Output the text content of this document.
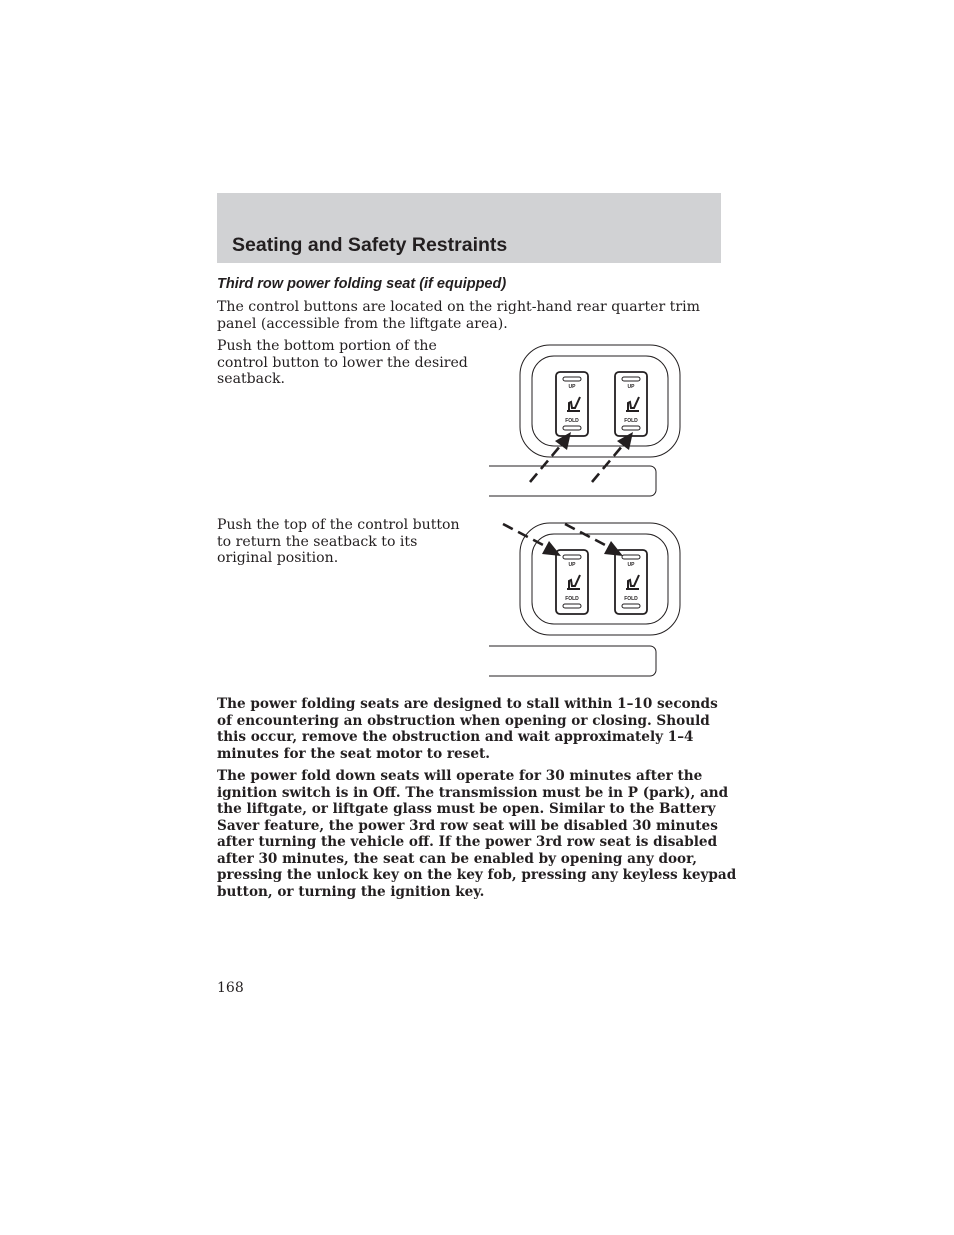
Seating and Safety Restraints
Third row power folding seat (if equipped)

The control buttons are located on the right-hand rear quarter trim panel (accessible from the liftgate area).

Push the bottom portion of the control button to lower the desired seatback.

Push the top of the control button to return the seatback to its original position.

UP
FOLD
UP
FOLD
UP
FOLD
UP
FOLD

The power folding seats are designed to stall within 1–10 seconds of encountering an obstruction when opening or closing. Should this occur, remove the obstruction and wait approximately 1–4 minutes for the seat motor to reset.

The power fold down seats will operate for 30 minutes after the ignition switch is in Off. The transmission must be in P (park), and the liftgate, or liftgate glass must be open. Similar to the Battery Saver feature, the power 3rd row seat will be disabled 30 minutes after turning the vehicle off. If the power 3rd row seat is disabled after 30 minutes, the seat can be enabled by opening any door, pressing the unlock key on the key fob, pressing any keyless keypad button, or turning the ignition key.

168
